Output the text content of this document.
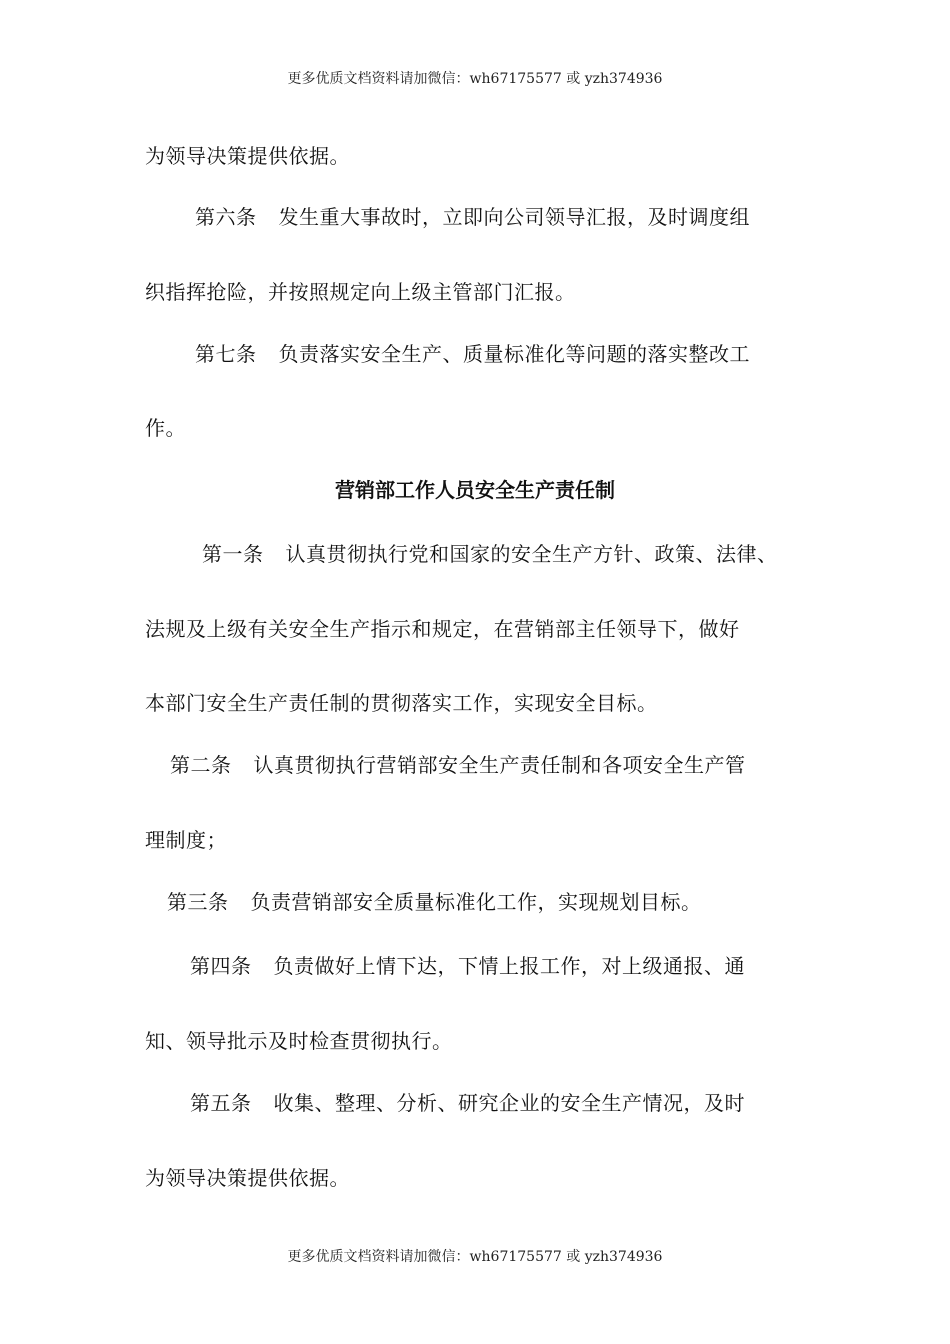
更多优质文档资料请加微信：wh67175577 或 yzh374936
为领导决策提供依据。
第六条 发生重大事故时，立即向公司领导汇报，及时调度组
织指挥抢险，并按照规定向上级主管部门汇报。
第七条 负责落实安全生产、质量标准化等问题的落实整改工
作。
营销部工作人员安全生产责任制
第一条 认真贯彻执行党和国家的安全生产方针、政策、法律、
法规及上级有关安全生产指示和规定，在营销部主任领导下，做好
本部门安全生产责任制的贯彻落实工作，实现安全目标。
第二条 认真贯彻执行营销部安全生产责任制和各项安全生产管
理制度；
第三条 负责营销部安全质量标准化工作，实现规划目标。
第四条 负责做好上情下达，下情上报工作，对上级通报、通
知、领导批示及时检查贯彻执行。
第五条 收集、整理、分析、研究企业的安全生产情况，及时
为领导决策提供依据。
更多优质文档资料请加微信：wh67175577 或 yzh374936
